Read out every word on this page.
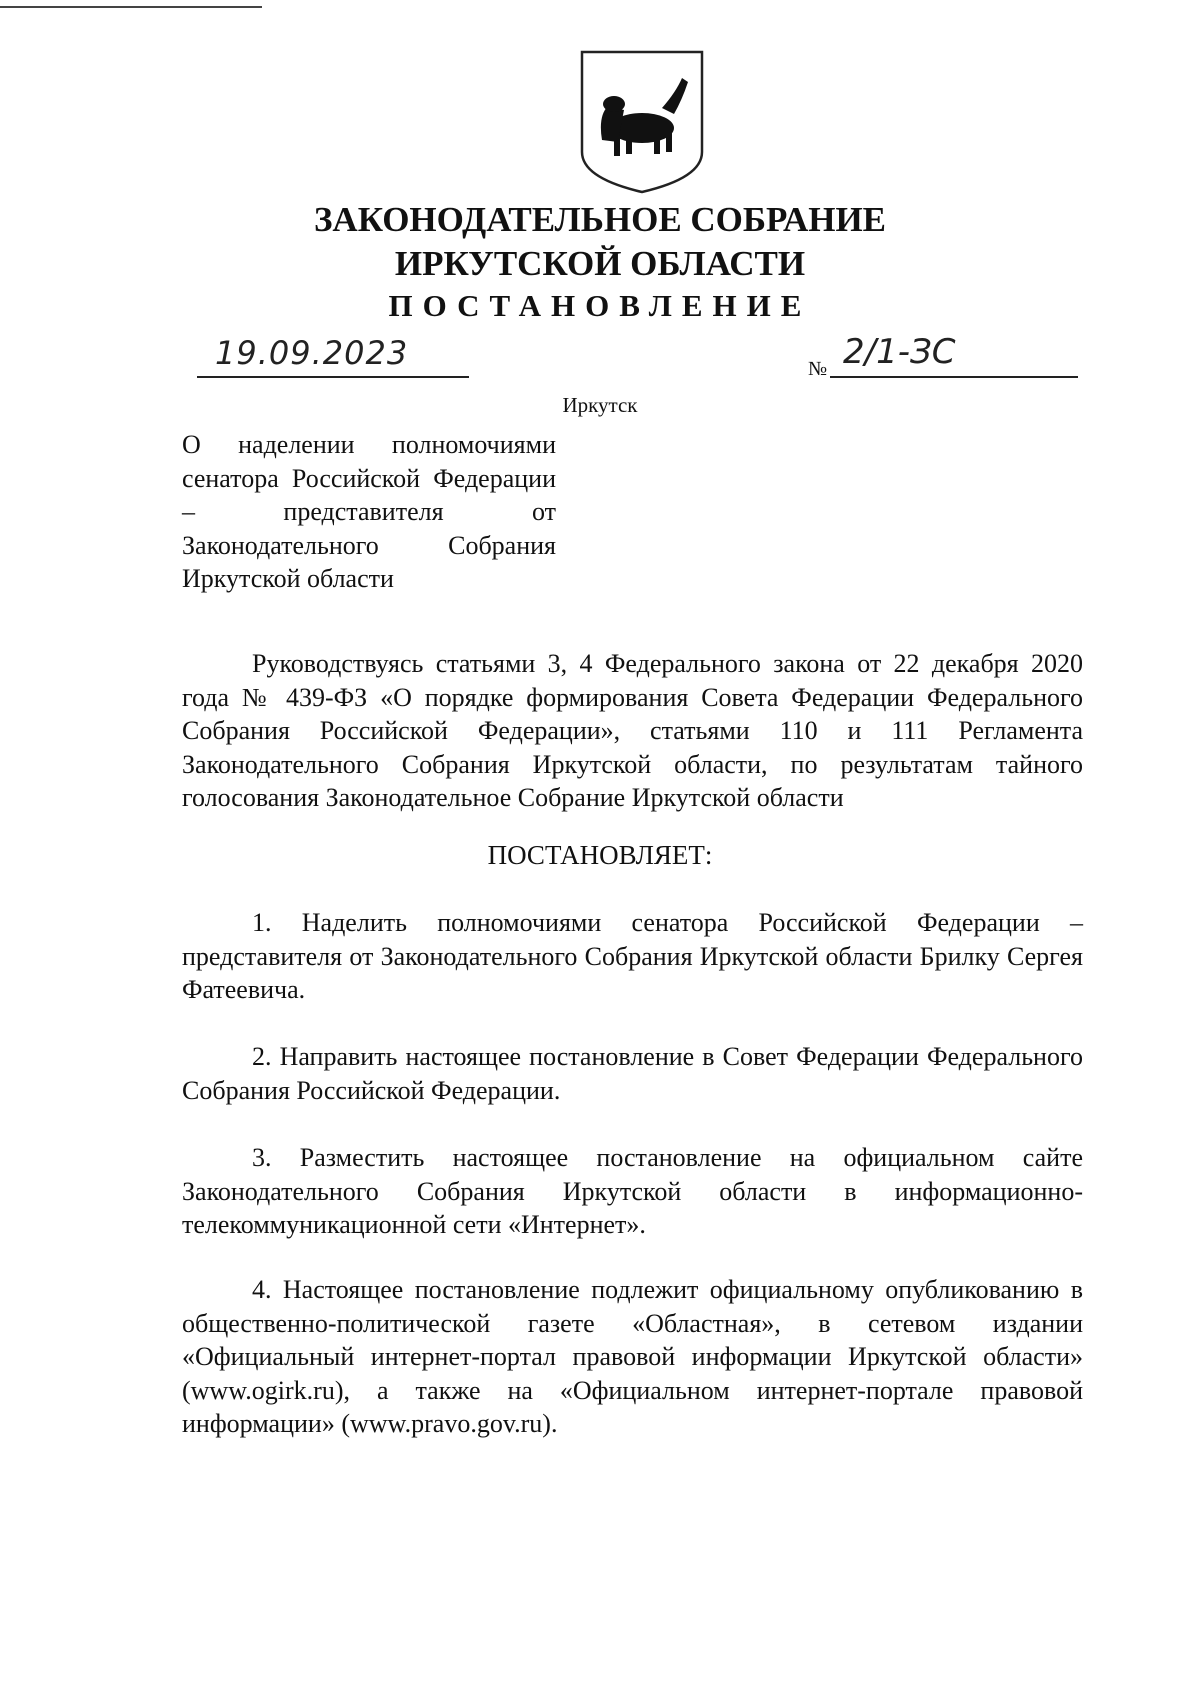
ЗАКОНОДАТЕЛЬНОЕ СОБРАНИЕ
ИРКУТСКОЙ ОБЛАСТИ
ПОСТАНОВЛЕНИЕ
19.09.2023	№ 2/1-ЗС
Иркутск
О наделении полномочиями сенатора Российской Федерации – представителя от Законодательного Собрания Иркутской области
Руководствуясь статьями 3, 4 Федерального закона от 22 декабря 2020 года № 439-ФЗ «О порядке формирования Совета Федерации Федерального Собрания Российской Федерации», статьями 110 и 111 Регламента Законодательного Собрания Иркутской области, по результатам тайного голосования Законодательное Собрание Иркутской области
ПОСТАНОВЛЯЕТ:
1. Наделить полномочиями сенатора Российской Федерации – представителя от Законодательного Собрания Иркутской области Брилку Сергея Фатеевича.
2. Направить настоящее постановление в Совет Федерации Федерального Собрания Российской Федерации.
3. Разместить настоящее постановление на официальном сайте Законодательного Собрания Иркутской области в информационно-телекоммуникационной сети «Интернет».
4. Настоящее постановление подлежит официальному опубликованию в общественно-политической газете «Областная», в сетевом издании «Официальный интернет-портал правовой информации Иркутской области» (www.ogirk.ru), а также на «Официальном интернет-портале правовой информации» (www.pravo.gov.ru).
